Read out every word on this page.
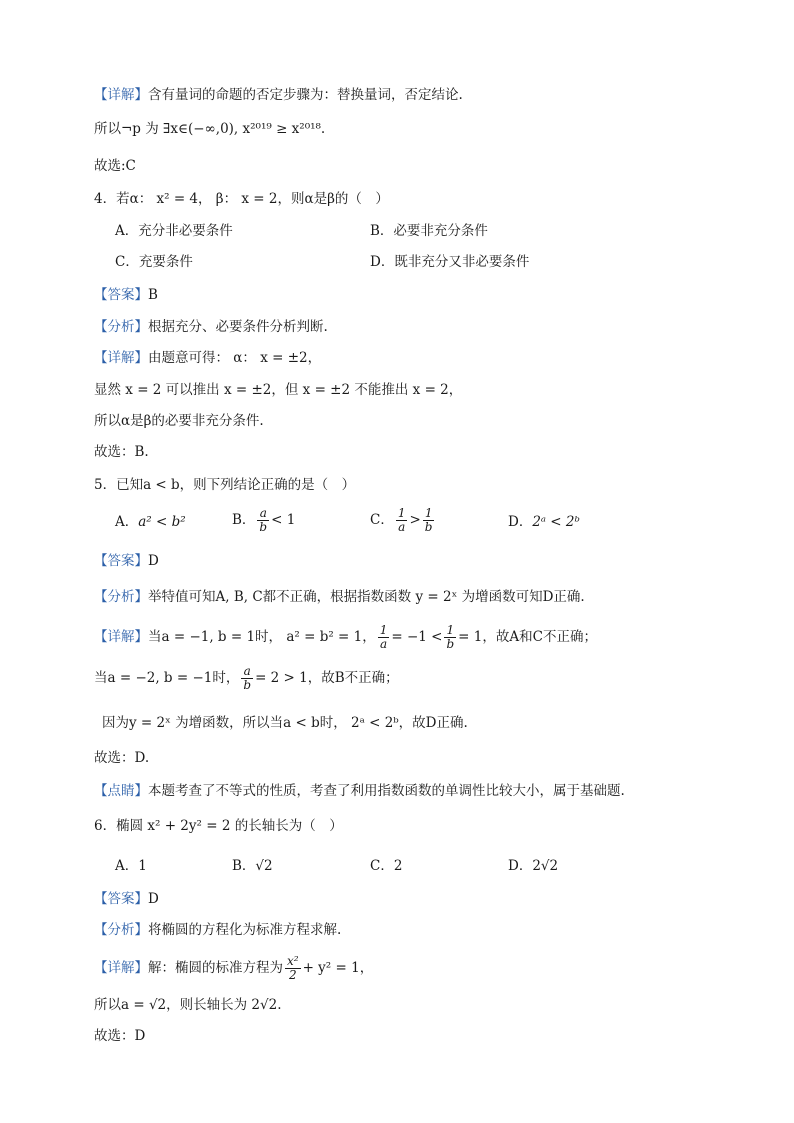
【详解】含有量词的命题的否定步骤为：替换量词，否定结论.
所以¬p 为 ∃x∈(−∞,0), x²⁰¹⁹ ≥ x²⁰¹⁸.
故选:C
4．若α： x² = 4， β： x = 2，则α是β的（　）
A．充分非必要条件	B．必要非充分条件
C．充要条件	D．既非充分又非必要条件
【答案】B
【分析】根据充分、必要条件分析判断.
【详解】由题意可得： α： x = ±2，
显然 x = 2 可以推出 x = ±2，但 x = ±2 不能推出 x = 2，
所以α是β的必要非充分条件.
故选：B.
5．已知a < b，则下列结论正确的是（　）
A．a² < b²	B． $\frac{a}{b} < 1$	C． $\frac{1}{a} > \frac{1}{b}$	D．2ᵃ < 2ᵇ
【答案】D
【分析】举特值可知A, B, C都不正确，根据指数函数 y = 2ˣ 为增函数可知D正确.
【详解】当a = −1, b = 1时， a² = b² = 1， $\frac{1}{a} = -1 < \frac{1}{b} = 1$，故A和C不正确；
当a = −2, b = −1时， $\frac{a}{b} = 2 > 1$，故B不正确；
因为y = 2ˣ 为增函数，所以当a < b时， 2ᵃ < 2ᵇ，故D正确.
故选：D.
【点睛】本题考查了不等式的性质，考查了利用指数函数的单调性比较大小，属于基础题.
6．椭圆 x² + 2y² = 2 的长轴长为（　）
A．1	B．√2	C．2	D．2√2
【答案】D
【分析】将椭圆的方程化为标准方程求解.
【详解】解：椭圆的标准方程为 $\frac{\text{x²}}{2} + y^2 = 1$，
所以a = √2，则长轴长为 2√2.
故选：D
